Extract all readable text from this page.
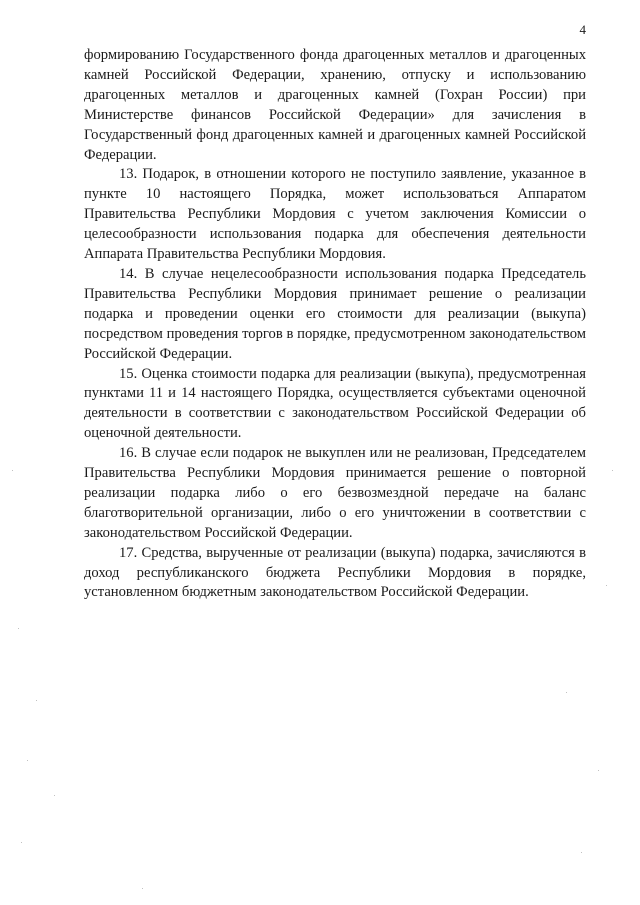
4

формированию Государственного фонда драгоценных металлов и драгоценных камней Российской Федерации, хранению, отпуску и использованию драгоценных металлов и драгоценных камней (Гохран России) при Министерстве финансов Российской Федерации» для зачисления в Государственный фонд драгоценных камней и драгоценных камней Российской Федерации.

13. Подарок, в отношении которого не поступило заявление, указанное в пункте 10 настоящего Порядка, может использоваться Аппаратом Правительства Республики Мордовия с учетом заключения Комиссии о целесообразности использования подарка для обеспечения деятельности Аппарата Правительства Республики Мордовия.

14. В случае нецелесообразности использования подарка Председатель Правительства Республики Мордовия принимает решение о реализации подарка и проведении оценки его стоимости для реализации (выкупа) посредством проведения торгов в порядке, предусмотренном законодательством Российской Федерации.

15. Оценка стоимости подарка для реализации (выкупа), предусмотренная пунктами 11 и 14 настоящего Порядка, осуществляется субъектами оценочной деятельности в соответствии с законодательством Российской Федерации об оценочной деятельности.

16. В случае если подарок не выкуплен или не реализован, Председателем Правительства Республики Мордовия принимается решение о повторной реализации подарка либо о его безвозмездной передаче на баланс благотворительной организации, либо о его уничтожении в соответствии с законодательством Российской Федерации.

17. Средства, вырученные от реализации (выкупа) подарка, зачисляются в доход республиканского бюджета Республики Мордовия в порядке, установленном бюджетным законодательством Российской Федерации.
